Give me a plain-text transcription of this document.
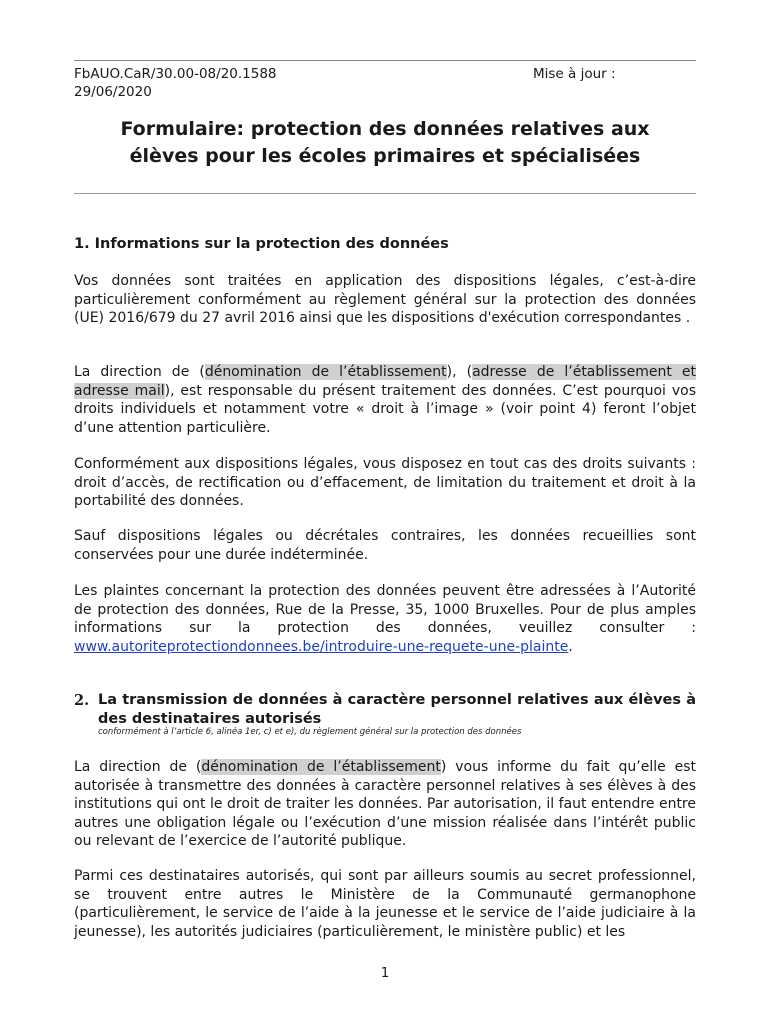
FbAUO.CaR/30.00-08/20.1588	Mise à jour :
29/06/2020
Formulaire: protection des données relatives aux
élèves pour les écoles primaires et spécialisées
1. Informations sur la protection des données

Vos données sont traitées en application des dispositions légales, c’est-à-dire particulièrement conformément au règlement général sur la protection des données (UE) 2016/679 du 27 avril 2016 ainsi que les dispositions d'exécution correspondantes .

La direction de (dénomination de l’établissement), (adresse de l’établissement et adresse mail), est responsable du présent traitement des données. C’est pourquoi vos droits individuels et notamment votre « droit à l’image » (voir point 4) feront l’objet d’une attention particulière.

Conformément aux dispositions légales, vous disposez en tout cas des droits suivants : droit d’accès, de rectification ou d’effacement, de limitation du traitement et droit à la portabilité des données.

Sauf dispositions légales ou décrétales contraires, les données recueillies sont conservées pour une durée indéterminée.

Les plaintes concernant la protection des données peuvent être adressées à l’Autorité de protection des données, Rue de la Presse, 35, 1000 Bruxelles. Pour de plus amples informations sur la protection des données, veuillez consulter : www.autoriteprotectiondonnees.be/introduire-une-requete-une-plainte.

2. La transmission de données à caractère personnel relatives aux élèves à des destinataires autorisés
conformément à l’article 6, alinéa 1er, c) et e), du règlement général sur la protection des données

La direction de (dénomination de l’établissement) vous informe du fait qu’elle est autorisée à transmettre des données à caractère personnel relatives à ses élèves à des institutions qui ont le droit de traiter les données. Par autorisation, il faut entendre entre autres une obligation légale ou l’exécution d’une mission réalisée dans l’intérêt public ou relevant de l’exercice de l’autorité publique.

Parmi ces destinataires autorisés, qui sont par ailleurs soumis au secret professionnel, se trouvent entre autres le Ministère de la Communauté germanophone (particulièrement, le service de l’aide à la jeunesse et le service de l’aide judiciaire à la jeunesse), les autorités judiciaires (particulièrement, le ministère public) et les

1
